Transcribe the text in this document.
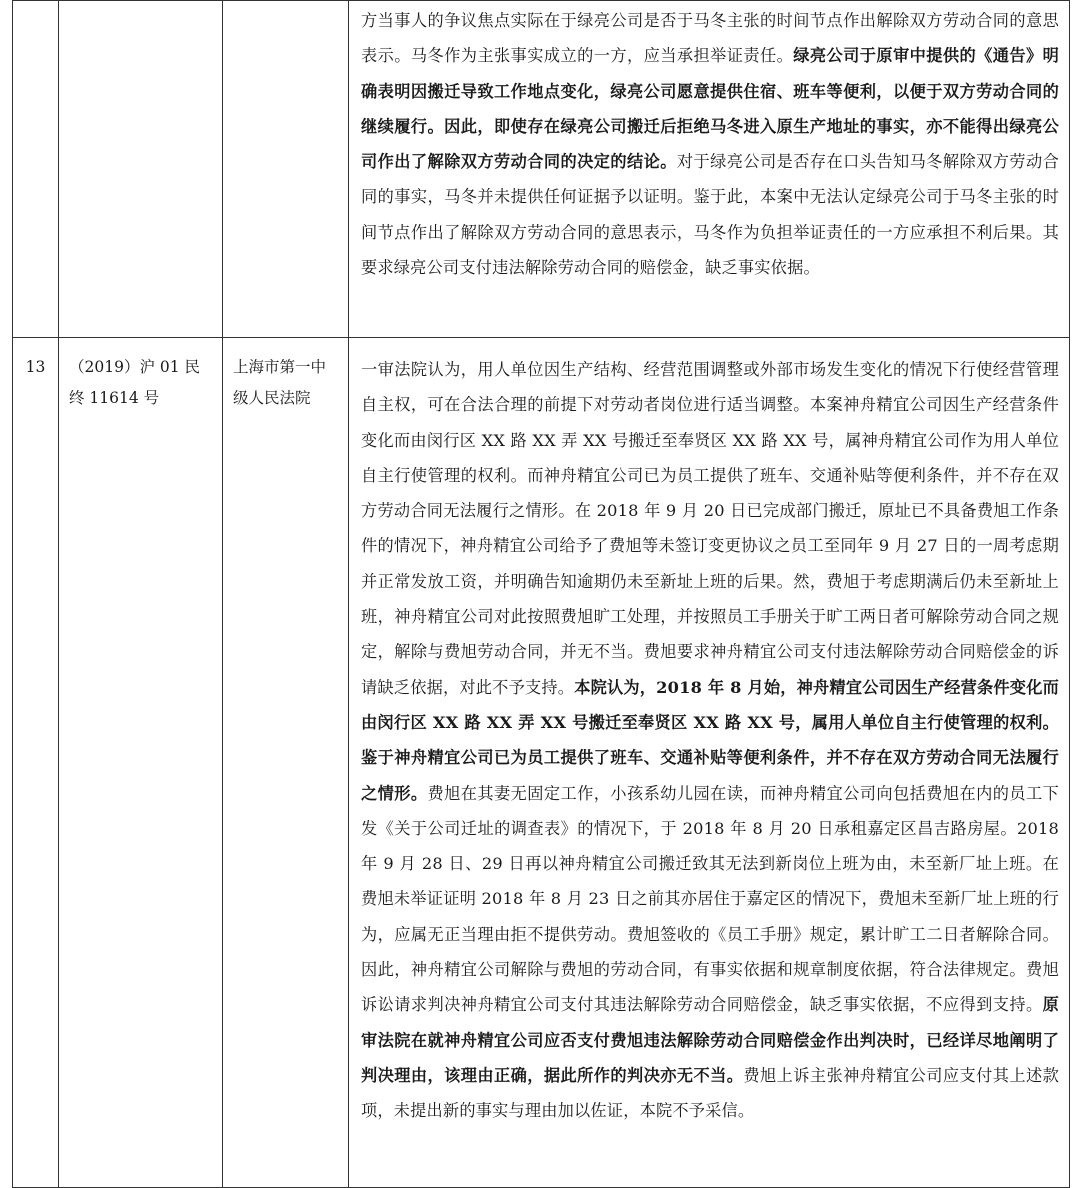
			方当事人的争议焦点实际在于绿亮公司是否于马冬主张的时间节点作出解除双方劳动合同的意思表示。马冬作为主张事实成立的一方，应当承担举证责任。绿亮公司于原审中提供的《通告》明确表明因搬迁导致工作地点变化，绿亮公司愿意提供住宿、班车等便利，以便于双方劳动合同的继续履行。因此，即使存在绿亮公司搬迁后拒绝马冬进入原生产地址的事实，亦不能得出绿亮公司作出了解除双方劳动合同的决定的结论。对于绿亮公司是否存在口头告知马冬解除双方劳动合同的事实，马冬并未提供任何证据予以证明。鉴于此，本案中无法认定绿亮公司于马冬主张的时间节点作出了解除双方劳动合同的意思表示，马冬作为负担举证责任的一方应承担不利后果。其要求绿亮公司支付违法解除劳动合同的赔偿金，缺乏事实依据。
13	（2019）沪 01 民终 11614 号	上海市第一中级人民法院	一审法院认为，用人单位因生产结构、经营范围调整或外部市场发生变化的情况下行使经营管理自主权，可在合法合理的前提下对劳动者岗位进行适当调整。本案神舟精宜公司因生产经营条件变化而由闵行区 XX 路 XX 弄 XX 号搬迁至奉贤区 XX 路 XX 号，属神舟精宜公司作为用人单位自主行使管理的权利。而神舟精宜公司已为员工提供了班车、交通补贴等便利条件，并不存在双方劳动合同无法履行之情形。在 2018 年 9 月 20 日已完成部门搬迁，原址已不具备费旭工作条件的情况下，神舟精宜公司给予了费旭等未签订变更协议之员工至同年 9 月 27 日的一周考虑期并正常发放工资，并明确告知逾期仍未至新址上班的后果。然，费旭于考虑期满后仍未至新址上班，神舟精宜公司对此按照费旭旷工处理，并按照员工手册关于旷工两日者可解除劳动合同之规定，解除与费旭劳动合同，并无不当。费旭要求神舟精宜公司支付违法解除劳动合同赔偿金的诉请缺乏依据，对此不予支持。本院认为，2018 年 8 月始，神舟精宜公司因生产经营条件变化而由闵行区 XX 路 XX 弄 XX 号搬迁至奉贤区 XX 路 XX 号，属用人单位自主行使管理的权利。鉴于神舟精宜公司已为员工提供了班车、交通补贴等便利条件，并不存在双方劳动合同无法履行之情形。费旭在其妻无固定工作，小孩系幼儿园在读，而神舟精宜公司向包括费旭在内的员工下发《关于公司迁址的调查表》的情况下，于 2018 年 8 月 20 日承租嘉定区昌吉路房屋。2018 年 9 月 28 日、29 日再以神舟精宜公司搬迁致其无法到新岗位上班为由，未至新厂址上班。在费旭未举证证明 2018 年 8 月 23 日之前其亦居住于嘉定区的情况下，费旭未至新厂址上班的行为，应属无正当理由拒不提供劳动。费旭签收的《员工手册》规定，累计旷工二日者解除合同。因此，神舟精宜公司解除与费旭的劳动合同，有事实依据和规章制度依据，符合法律规定。费旭诉讼请求判决神舟精宜公司支付其违法解除劳动合同赔偿金，缺乏事实依据，不应得到支持。原审法院在就神舟精宜公司应否支付费旭违法解除劳动合同赔偿金作出判决时，已经详尽地阐明了判决理由，该理由正确，据此所作的判决亦无不当。费旭上诉主张神舟精宜公司应支付其上述款项，未提出新的事实与理由加以佐证，本院不予采信。
